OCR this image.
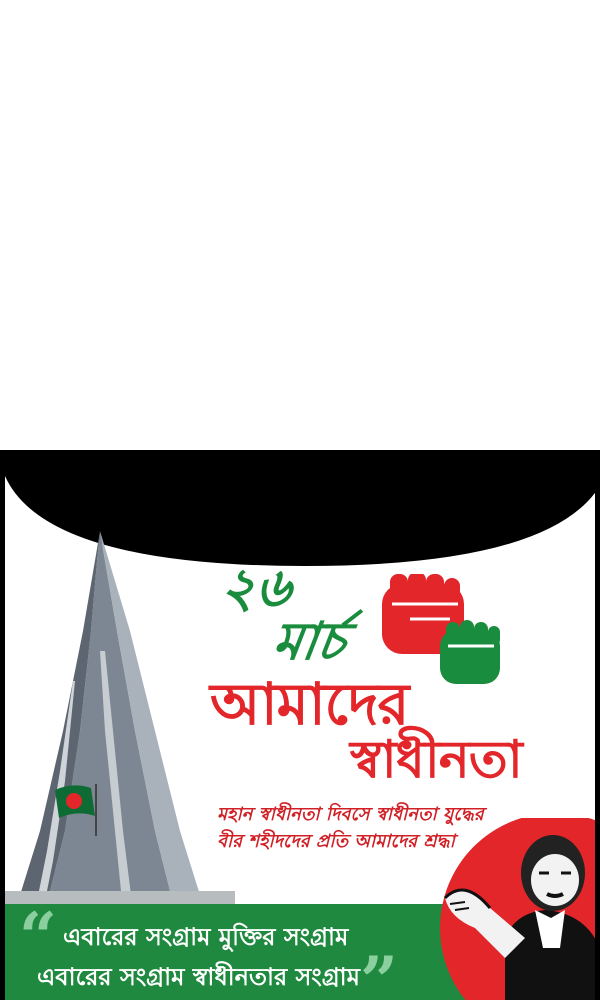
২৬
মার্চ
আমাদের
স্বাধীনতা
মহান স্বাধীনতা দিবসে স্বাধীনতা যুদ্ধের
বীর শহীদদের প্রতি আমাদের শ্রদ্ধা
“ এবারের সংগ্রাম মুক্তির সংগ্রাম
এবারের সংগ্রাম স্বাধীনতার সংগ্রাম ”
